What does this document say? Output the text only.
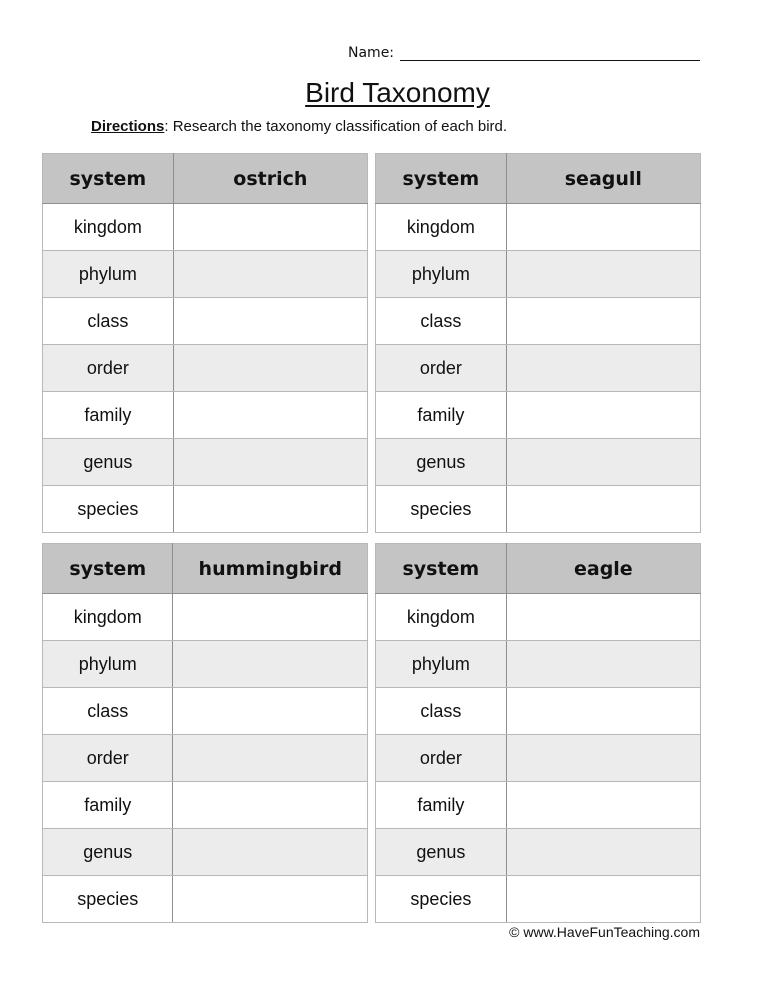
Name:
Bird Taxonomy
Directions: Research the taxonomy classification of each bird.
system	ostrich
kingdom	
phylum	
class	
order	
family	
genus	
species	
system	seagull
kingdom	
phylum	
class	
order	
family	
genus	
species	
system	hummingbird
kingdom	
phylum	
class	
order	
family	
genus	
species	
system	eagle
kingdom	
phylum	
class	
order	
family	
genus	
species	
© www.HaveFunTeaching.com
